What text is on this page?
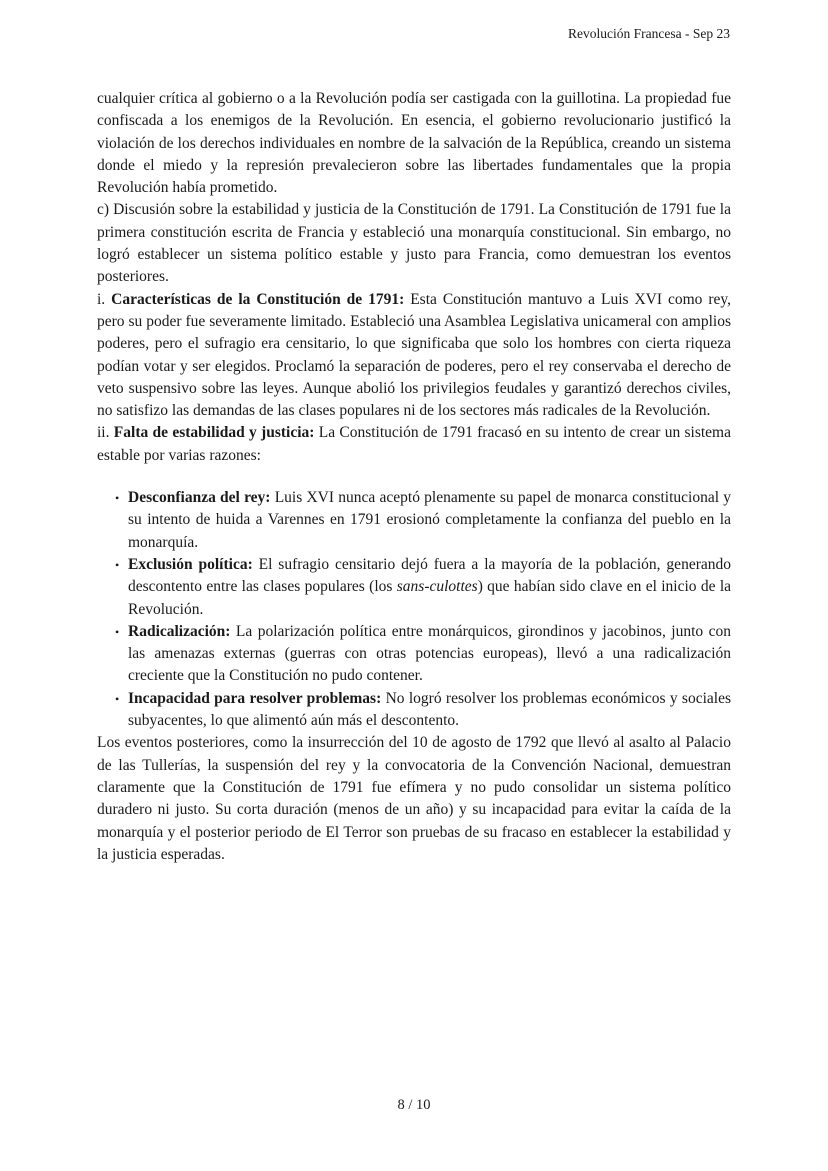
Revolución Francesa - Sep 23

cualquier crítica al gobierno o a la Revolución podía ser castigada con la guillotina. La propiedad fue confiscada a los enemigos de la Revolución. En esencia, el gobierno revolucionario justificó la violación de los derechos individuales en nombre de la salvación de la República, creando un sistema donde el miedo y la represión prevalecieron sobre las libertades fundamentales que la propia Revolución había prometido.

c) Discusión sobre la estabilidad y justicia de la Constitución de 1791. La Constitución de 1791 fue la primera constitución escrita de Francia y estableció una monarquía constitucional. Sin embargo, no logró establecer un sistema político estable y justo para Francia, como demuestran los eventos posteriores.

i. Características de la Constitución de 1791: Esta Constitución mantuvo a Luis XVI como rey, pero su poder fue severamente limitado. Estableció una Asamblea Legislativa unicameral con amplios poderes, pero el sufragio era censitario, lo que significaba que solo los hombres con cierta riqueza podían votar y ser elegidos. Proclamó la separación de poderes, pero el rey conservaba el derecho de veto suspensivo sobre las leyes. Aunque abolió los privilegios feudales y garantizó derechos civiles, no satisfizo las demandas de las clases populares ni de los sectores más radicales de la Revolución.

ii. Falta de estabilidad y justicia: La Constitución de 1791 fracasó en su intento de crear un sistema estable por varias razones:

• Desconfianza del rey: Luis XVI nunca aceptó plenamente su papel de monarca constitucional y su intento de huida a Varennes en 1791 erosionó completamente la confianza del pueblo en la monarquía.
• Exclusión política: El sufragio censitario dejó fuera a la mayoría de la población, generando descontento entre las clases populares (los sans-culottes) que habían sido clave en el inicio de la Revolución.
• Radicalización: La polarización política entre monárquicos, girondinos y jacobinos, junto con las amenazas externas (guerras con otras potencias europeas), llevó a una radicalización creciente que la Constitución no pudo contener.
• Incapacidad para resolver problemas: No logró resolver los problemas económicos y sociales subyacentes, lo que alimentó aún más el descontento.

Los eventos posteriores, como la insurrección del 10 de agosto de 1792 que llevó al asalto al Palacio de las Tullerías, la suspensión del rey y la convocatoria de la Convención Nacional, demuestran claramente que la Constitución de 1791 fue efímera y no pudo consolidar un sistema político duradero ni justo. Su corta duración (menos de un año) y su incapacidad para evitar la caída de la monarquía y el posterior periodo de El Terror son pruebas de su fracaso en establecer la estabilidad y la justicia esperadas.

8 / 10
